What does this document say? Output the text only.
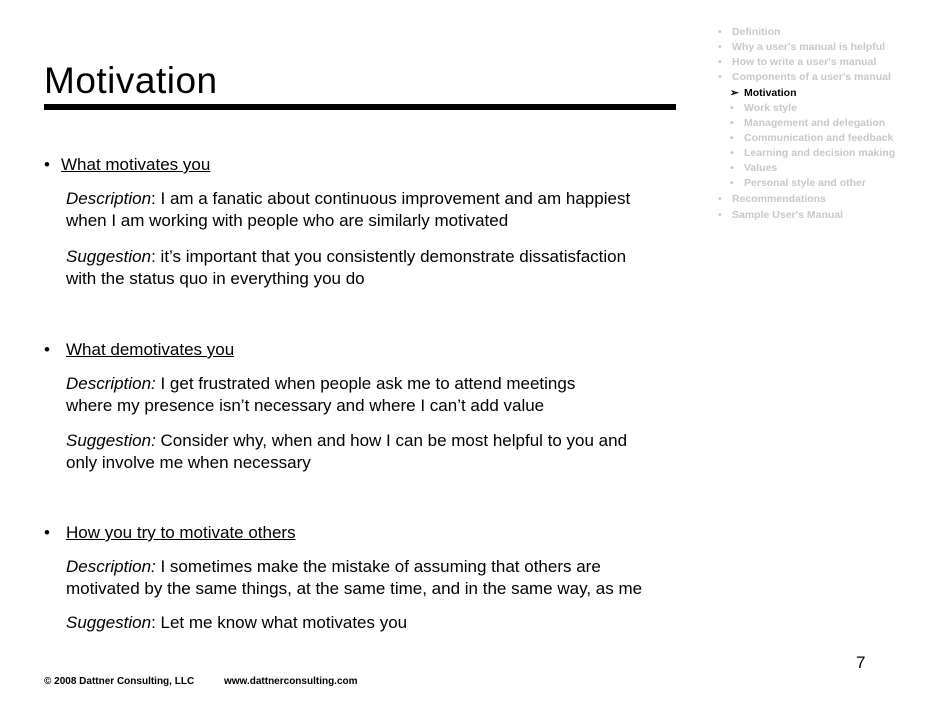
Motivation
• Definition
• Why a user's manual is helpful
• How to write a user's manual
• Components of a user's manual
➢ Motivation
• Work style
• Management and delegation
• Communication and feedback
• Learning and decision making
• Values
• Personal style and other
• Recommendations
• Sample User's Manual
• What motivates you
Description: I am a fanatic about continuous improvement and am happiest
when I am working with people who are similarly motivated
Suggestion: it’s important that you consistently demonstrate dissatisfaction
with the status quo in everything you do
• What demotivates you
Description: I get frustrated when people ask me to attend meetings
where my presence isn’t necessary and where I can’t add value
Suggestion: Consider why, when and how I can be most helpful to you and
only involve me when necessary
• How you try to motivate others
Description: I sometimes make the mistake of assuming that others are
motivated by the same things, at the same time, and in the same way, as me
Suggestion: Let me know what motivates you
7
© 2008 Dattner Consulting, LLC	www.dattnerconsulting.com
